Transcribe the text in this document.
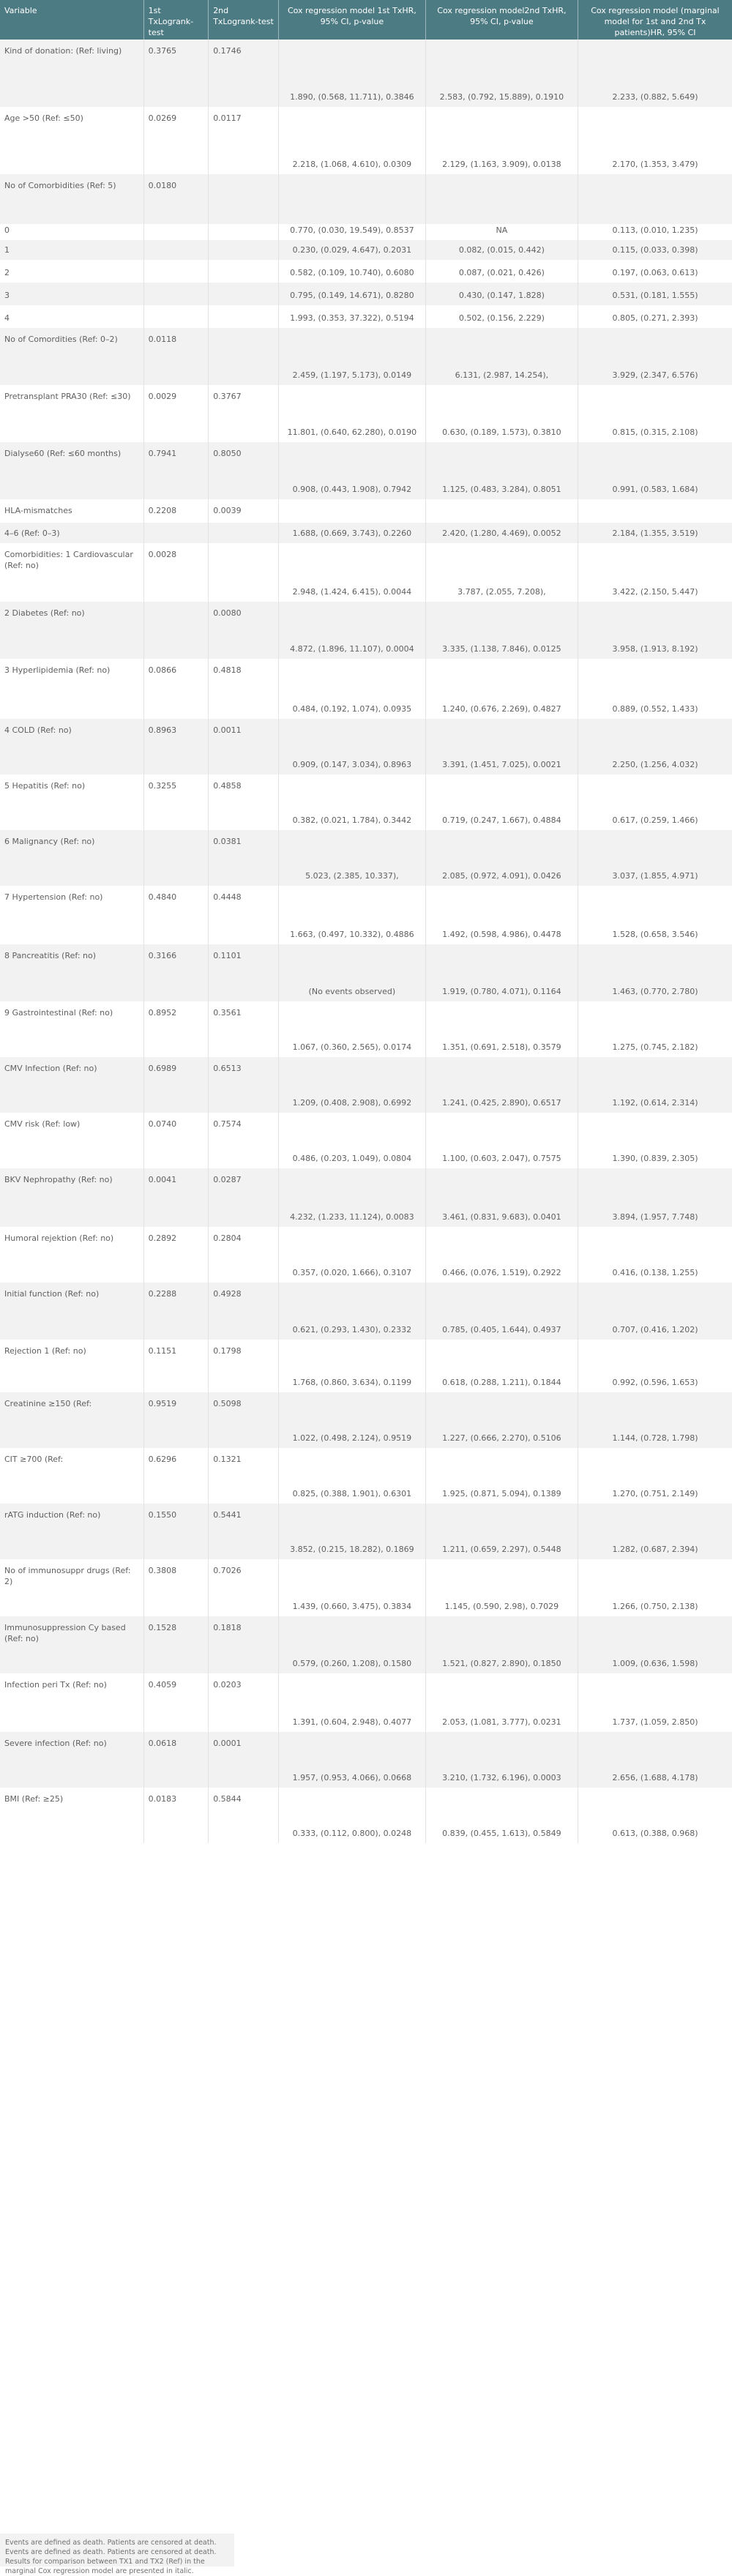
Variable	1st TxLogrank-test	2nd TxLogrank-test	Cox regression model 1st TxHR, 95% CI, p-value	Cox regression model2nd TxHR, 95% CI, p-value	Cox regression model (marginal model for 1st and 2nd Tx patients)HR, 95% CI
Kind of donation: (Ref: living)	0.3765	0.1746			
			1.890, (0.568, 11.711), 0.3846	2.583, (0.792, 15.889), 0.1910	2.233, (0.882, 5.649)
Age >50 (Ref: ≤50)	0.0269	0.0117			
			2.218, (1.068, 4.610), 0.0309	2.129, (1.163, 3.909), 0.0138	2.170, (1.353, 3.479)
No of Comorbidities (Ref: 5)	0.0180				

0			0.770, (0.030, 19.549), 0.8537	NA	0.113, (0.010, 1.235)
1			0.230, (0.029, 4.647), 0.2031	0.082, (0.015, 0.442)	0.115, (0.033, 0.398)
2			0.582, (0.109, 10.740), 0.6080	0.087, (0.021, 0.426)	0.197, (0.063, 0.613)
3			0.795, (0.149, 14.671), 0.8280	0.430, (0.147, 1.828)	0.531, (0.181, 1.555)
4			1.993, (0.353, 37.322), 0.5194	0.502, (0.156, 2.229)	0.805, (0.271, 2.393)
No of Comordities (Ref: 0–2)	0.0118				
			2.459, (1.197, 5.173), 0.0149	6.131, (2.987, 14.254),	3.929, (2.347, 6.576)
Pretransplant PRA30 (Ref: ≤30)	0.0029	0.3767			
			11.801, (0.640, 62.280), 0.0190	0.630, (0.189, 1.573), 0.3810	0.815, (0.315, 2.108)
Dialyse60 (Ref: ≤60 months)	0.7941	0.8050			
			0.908, (0.443, 1.908), 0.7942	1.125, (0.483, 3.284), 0.8051	0.991, (0.583, 1.684)
HLA-mismatches	0.2208	0.0039			
4–6 (Ref: 0–3)			1.688, (0.669, 3.743), 0.2260	2.420, (1.280, 4.469), 0.0052	2.184, (1.355, 3.519)
Comorbidities: 1 Cardiovascular (Ref: no)	0.0028				
			2.948, (1.424, 6.415), 0.0044	3.787, (2.055, 7.208),	3.422, (2.150, 5.447)
2 Diabetes (Ref: no)		0.0080			
			4.872, (1.896, 11.107), 0.0004	3.335, (1.138, 7.846), 0.0125	3.958, (1.913, 8.192)
3 Hyperlipidemia (Ref: no)	0.0866	0.4818			
			0.484, (0.192, 1.074), 0.0935	1.240, (0.676, 2.269), 0.4827	0.889, (0.552, 1.433)
4 COLD (Ref: no)	0.8963	0.0011			
			0.909, (0.147, 3.034), 0.8963	3.391, (1.451, 7.025), 0.0021	2.250, (1.256, 4.032)
5 Hepatitis (Ref: no)	0.3255	0.4858			
			0.382, (0.021, 1.784), 0.3442	0.719, (0.247, 1.667), 0.4884	0.617, (0.259, 1.466)
6 Malignancy (Ref: no)		0.0381			
			5.023, (2.385, 10.337),	2.085, (0.972, 4.091), 0.0426	3.037, (1.855, 4.971)
7 Hypertension (Ref: no)	0.4840	0.4448			
			1.663, (0.497, 10.332), 0.4886	1.492, (0.598, 4.986), 0.4478	1.528, (0.658, 3.546)
8 Pancreatitis (Ref: no)	0.3166	0.1101			
			(No events observed)	1.919, (0.780, 4.071), 0.1164	1.463, (0.770, 2.780)
9 Gastrointestinal (Ref: no)	0.8952	0.3561			
			1.067, (0.360, 2.565), 0.0174	1.351, (0.691, 2.518), 0.3579	1.275, (0.745, 2.182)
CMV Infection (Ref: no)	0.6989	0.6513			
			1.209, (0.408, 2.908), 0.6992	1.241, (0.425, 2.890), 0.6517	1.192, (0.614, 2.314)
CMV risk (Ref: low)	0.0740	0.7574			
			0.486, (0.203, 1.049), 0.0804	1.100, (0.603, 2.047), 0.7575	1.390, (0.839, 2.305)
BKV Nephropathy (Ref: no)	0.0041	0.0287			
			4.232, (1.233, 11.124), 0.0083	3.461, (0.831, 9.683), 0.0401	3.894, (1.957, 7.748)
Humoral rejektion (Ref: no)	0.2892	0.2804			
			0.357, (0.020, 1.666), 0.3107	0.466, (0.076, 1.519), 0.2922	0.416, (0.138, 1.255)
Initial function (Ref: no)	0.2288	0.4928			
			0.621, (0.293, 1.430), 0.2332	0.785, (0.405, 1.644), 0.4937	0.707, (0.416, 1.202)
Rejection 1 (Ref: no)	0.1151	0.1798			
			1.768, (0.860, 3.634), 0.1199	0.618, (0.288, 1.211), 0.1844	0.992, (0.596, 1.653)
Creatinine ≥150 (Ref:	0.9519	0.5098			
			1.022, (0.498, 2.124), 0.9519	1.227, (0.666, 2.270), 0.5106	1.144, (0.728, 1.798)
CIT ≥700 (Ref:	0.6296	0.1321			
			0.825, (0.388, 1.901), 0.6301	1.925, (0.871, 5.094), 0.1389	1.270, (0.751, 2.149)
rATG induction (Ref: no)	0.1550	0.5441			
			3.852, (0.215, 18.282), 0.1869	1.211, (0.659, 2.297), 0.5448	1.282, (0.687, 2.394)
No of immunosuppr drugs (Ref: 2)	0.3808	0.7026			
			1.439, (0.660, 3.475), 0.3834	1.145, (0.590, 2.98), 0.7029	1.266, (0.750, 2.138)
Immunosuppression Cy based (Ref: no)	0.1528	0.1818			
			0.579, (0.260, 1.208), 0.1580	1.521, (0.827, 2.890), 0.1850	1.009, (0.636, 1.598)
Infection peri Tx (Ref: no)	0.4059	0.0203			
			1.391, (0.604, 2.948), 0.4077	2.053, (1.081, 3.777), 0.0231	1.737, (1.059, 2.850)
Severe infection (Ref: no)	0.0618	0.0001			
			1.957, (0.953, 4.066), 0.0668	3.210, (1.732, 6.196), 0.0003	2.656, (1.688, 4.178)
BMI (Ref: ≥25)	0.0183	0.5844			
			0.333, (0.112, 0.800), 0.0248	0.839, (0.455, 1.613), 0.5849	0.613, (0.388, 0.968)
Events are defined as death. Patients are censored at death. Events are defined as death. Patients are censored at death. Results for comparison between TX1 and TX2 (Ref) in the marginal Cox regression model are presented in italic.
